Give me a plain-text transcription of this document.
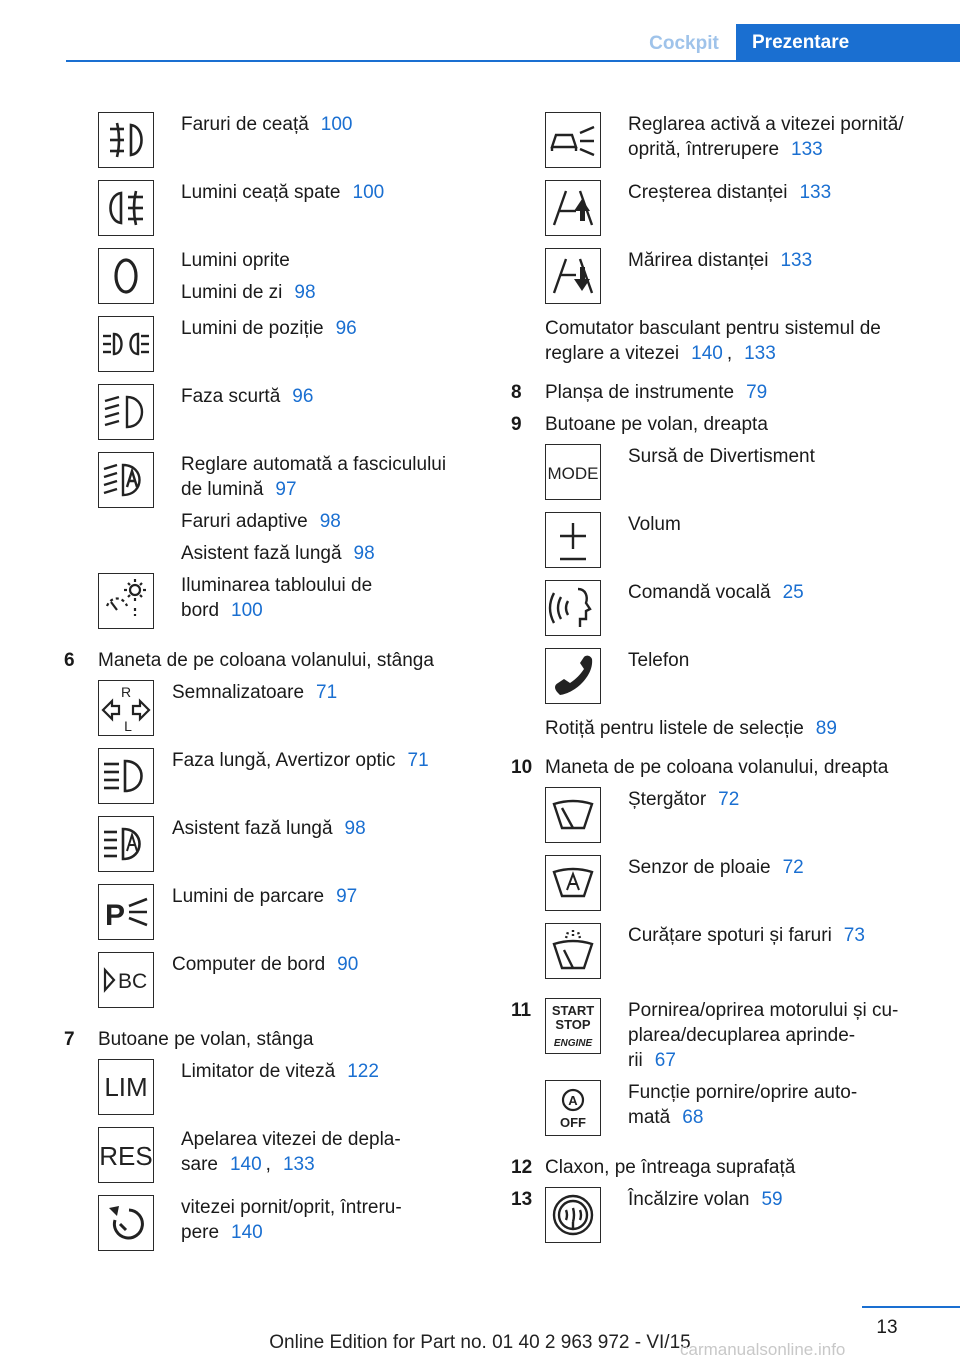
Cockpit	Prezentare
Faruri de ceață 100
Lumini ceață spate 100
Lumini oprite
Lumini de zi 98
Lumini de poziție 96
Faza scurtă 96
Reglare automată a fasciculului
de lumină 97
Faruri adaptive 98
Asistent fază lungă 98
Iluminarea tabloului de
bord 100
6 Maneta de pe coloana volanului, stânga
R
L
Semnalizatoare 71
Faza lungă, Avertizor optic 71
Asistent fază lungă 98
P
Lumini de parcare 97
BC
Computer de bord 90
7 Butoane pe volan, stânga
LIM
Limitator de viteză 122
RES
Apelarea vitezei de depla-
sare 140 , 133
vitezei pornit/oprit, întreru-
pere 140
Reglarea activă a vitezei pornită/
oprită, întrerupere 133
Creșterea distanței 133
Mărirea distanței 133
Comutator basculant pentru sistemul de
reglare a vitezei 140 , 133
8 Planșa de instrumente 79
9 Butoane pe volan, dreapta
MODE
Sursă de Divertisment
Volum
Comandă vocală 25
Telefon
Rotiță pentru listele de selecție 89
10 Maneta de pe coloana volanului, dreapta
Ștergător 72
Senzor de ploaie 72
Curățare spoturi și faruri 73
11 START
STOP
ENGINE
Pornirea/oprirea motorului și cu-
plarea/decuplarea aprinde-
rii 67
A
OFF
Funcție pornire/oprire auto-
mată 68
12 Claxon, pe întreaga suprafață
13	Încălzire volan 59
13
Online Edition for Part no. 01 40 2 963 972 - VI/15
carmanualsonline.info
